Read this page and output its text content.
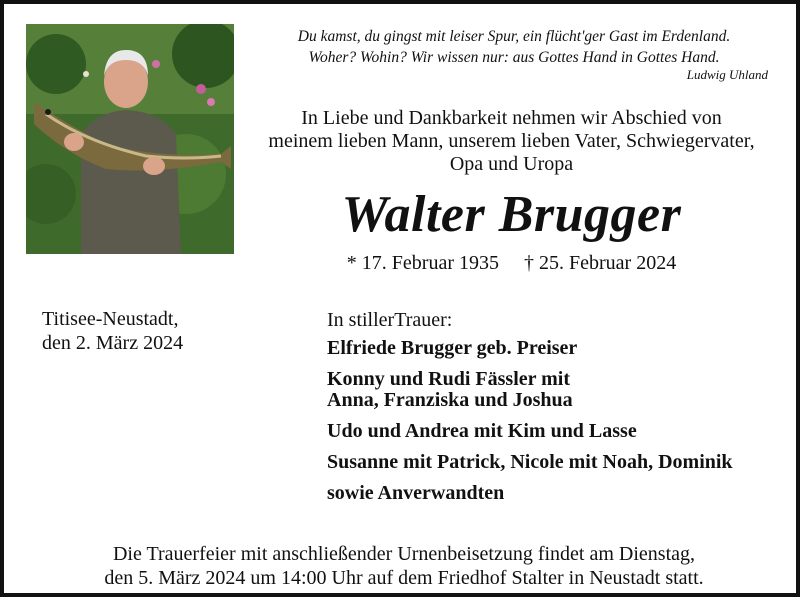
Du kamst, du gingst mit leiser Spur, ein flücht'ger Gast im Erdenland.
Woher? Wohin? Wir wissen nur: aus Gottes Hand in Gottes Hand.
Ludwig Uhland
In Liebe und Dankbarkeit nehmen wir Abschied von
meinem lieben Mann, unserem lieben Vater, Schwiegervater,
Opa und Uropa
Walter Brugger
* 17. Februar 1935 † 25. Februar 2024
Titisee-Neustadt,
den 2. März 2024
In stillerTrauer:
Elfriede Brugger geb. Preiser
Konny und Rudi Fässler mit
Anna, Franziska und Joshua
Udo und Andrea mit Kim und Lasse
Susanne mit Patrick, Nicole mit Noah, Dominik
sowie Anverwandten
Die Trauerfeier mit anschließender Urnenbeisetzung findet am Dienstag,
den 5. März 2024 um 14:00 Uhr auf dem Friedhof Stalter in Neustadt statt.
